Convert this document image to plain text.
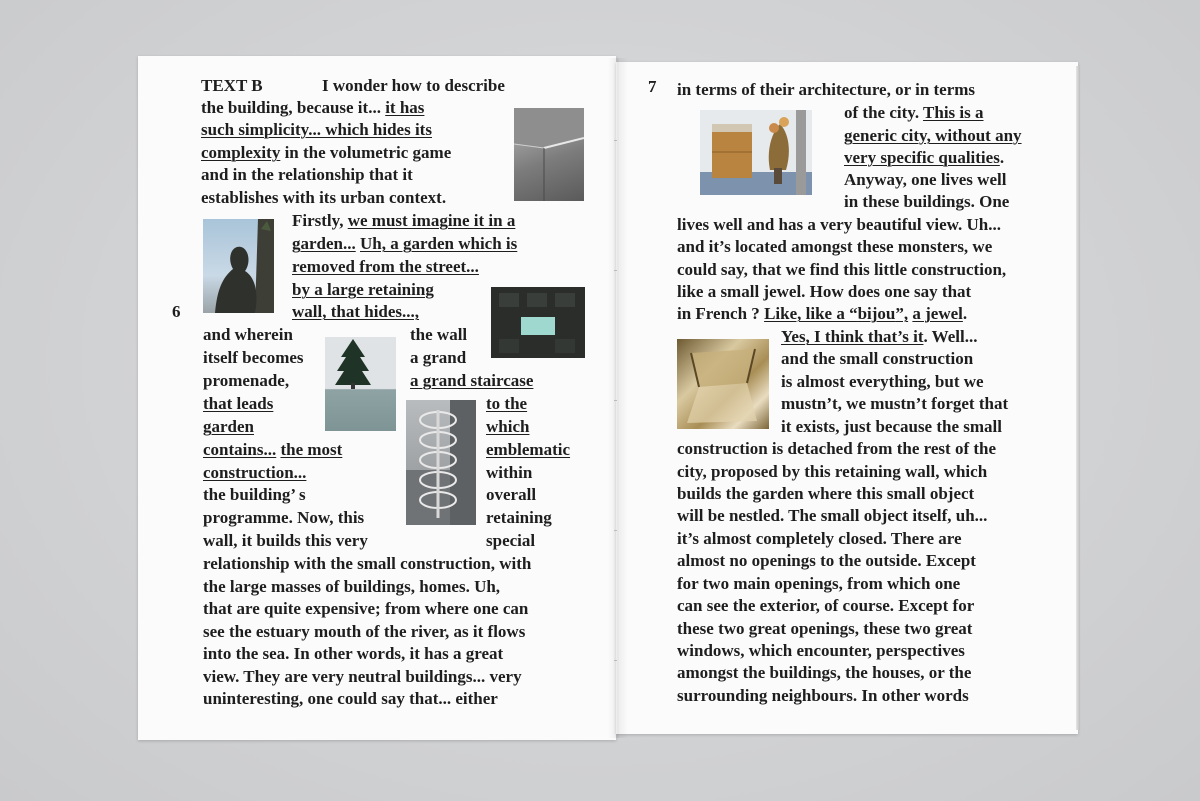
6
7

TEXT B	I wonder how to describe

the building, because it... it has

such simplicity... which hides its

complexity in the volumetric game

and in the relationship that it

establishes with its urban context.

Firstly, we must imagine it in a

garden... Uh, a garden which is

removed from the street...

by a large retaining

wall, that hides...,

and wherein	the wall

itself becomes	a grand

promenade,	a grand staircase

that leads	to the

garden	which

contains... the most	emblematic

construction...	within

the building’ s	overall

programme. Now, this	retaining

wall, it builds this very	special

relationship with the small construction, with

the large masses of buildings, homes. Uh,

that are quite expensive; from where one can

see the estuary mouth of the river, as it flows

into the sea. In other words, it has a great

view. They are very neutral buildings... very

uninteresting, one could say that... either

in terms of their architecture, or in terms

of the city. This is a

generic city, without any

very specific qualities.

Anyway, one lives well

in these buildings. One

lives well and has a very beautiful view. Uh...

and it’s located amongst these monsters, we

could say, that we find this little construction,

like a small jewel. How does one say that

in French ? Like, like a “bijou”, a jewel.

Yes, I think that’s it. Well...

and the small construction

is almost everything, but we

mustn’t, we mustn’t forget that

it exists, just because the small

construction is detached from the rest of the

city, proposed by this retaining wall, which

builds the garden where this small object

will be nestled. The small object itself, uh...

it’s almost completely closed. There are

almost no openings to the outside. Except

for two main openings, from which one

can see the exterior, of course. Except for

these two great openings, these two great

windows, which encounter, perspectives

amongst the buildings, the houses, or the

surrounding neighbours. In other words
